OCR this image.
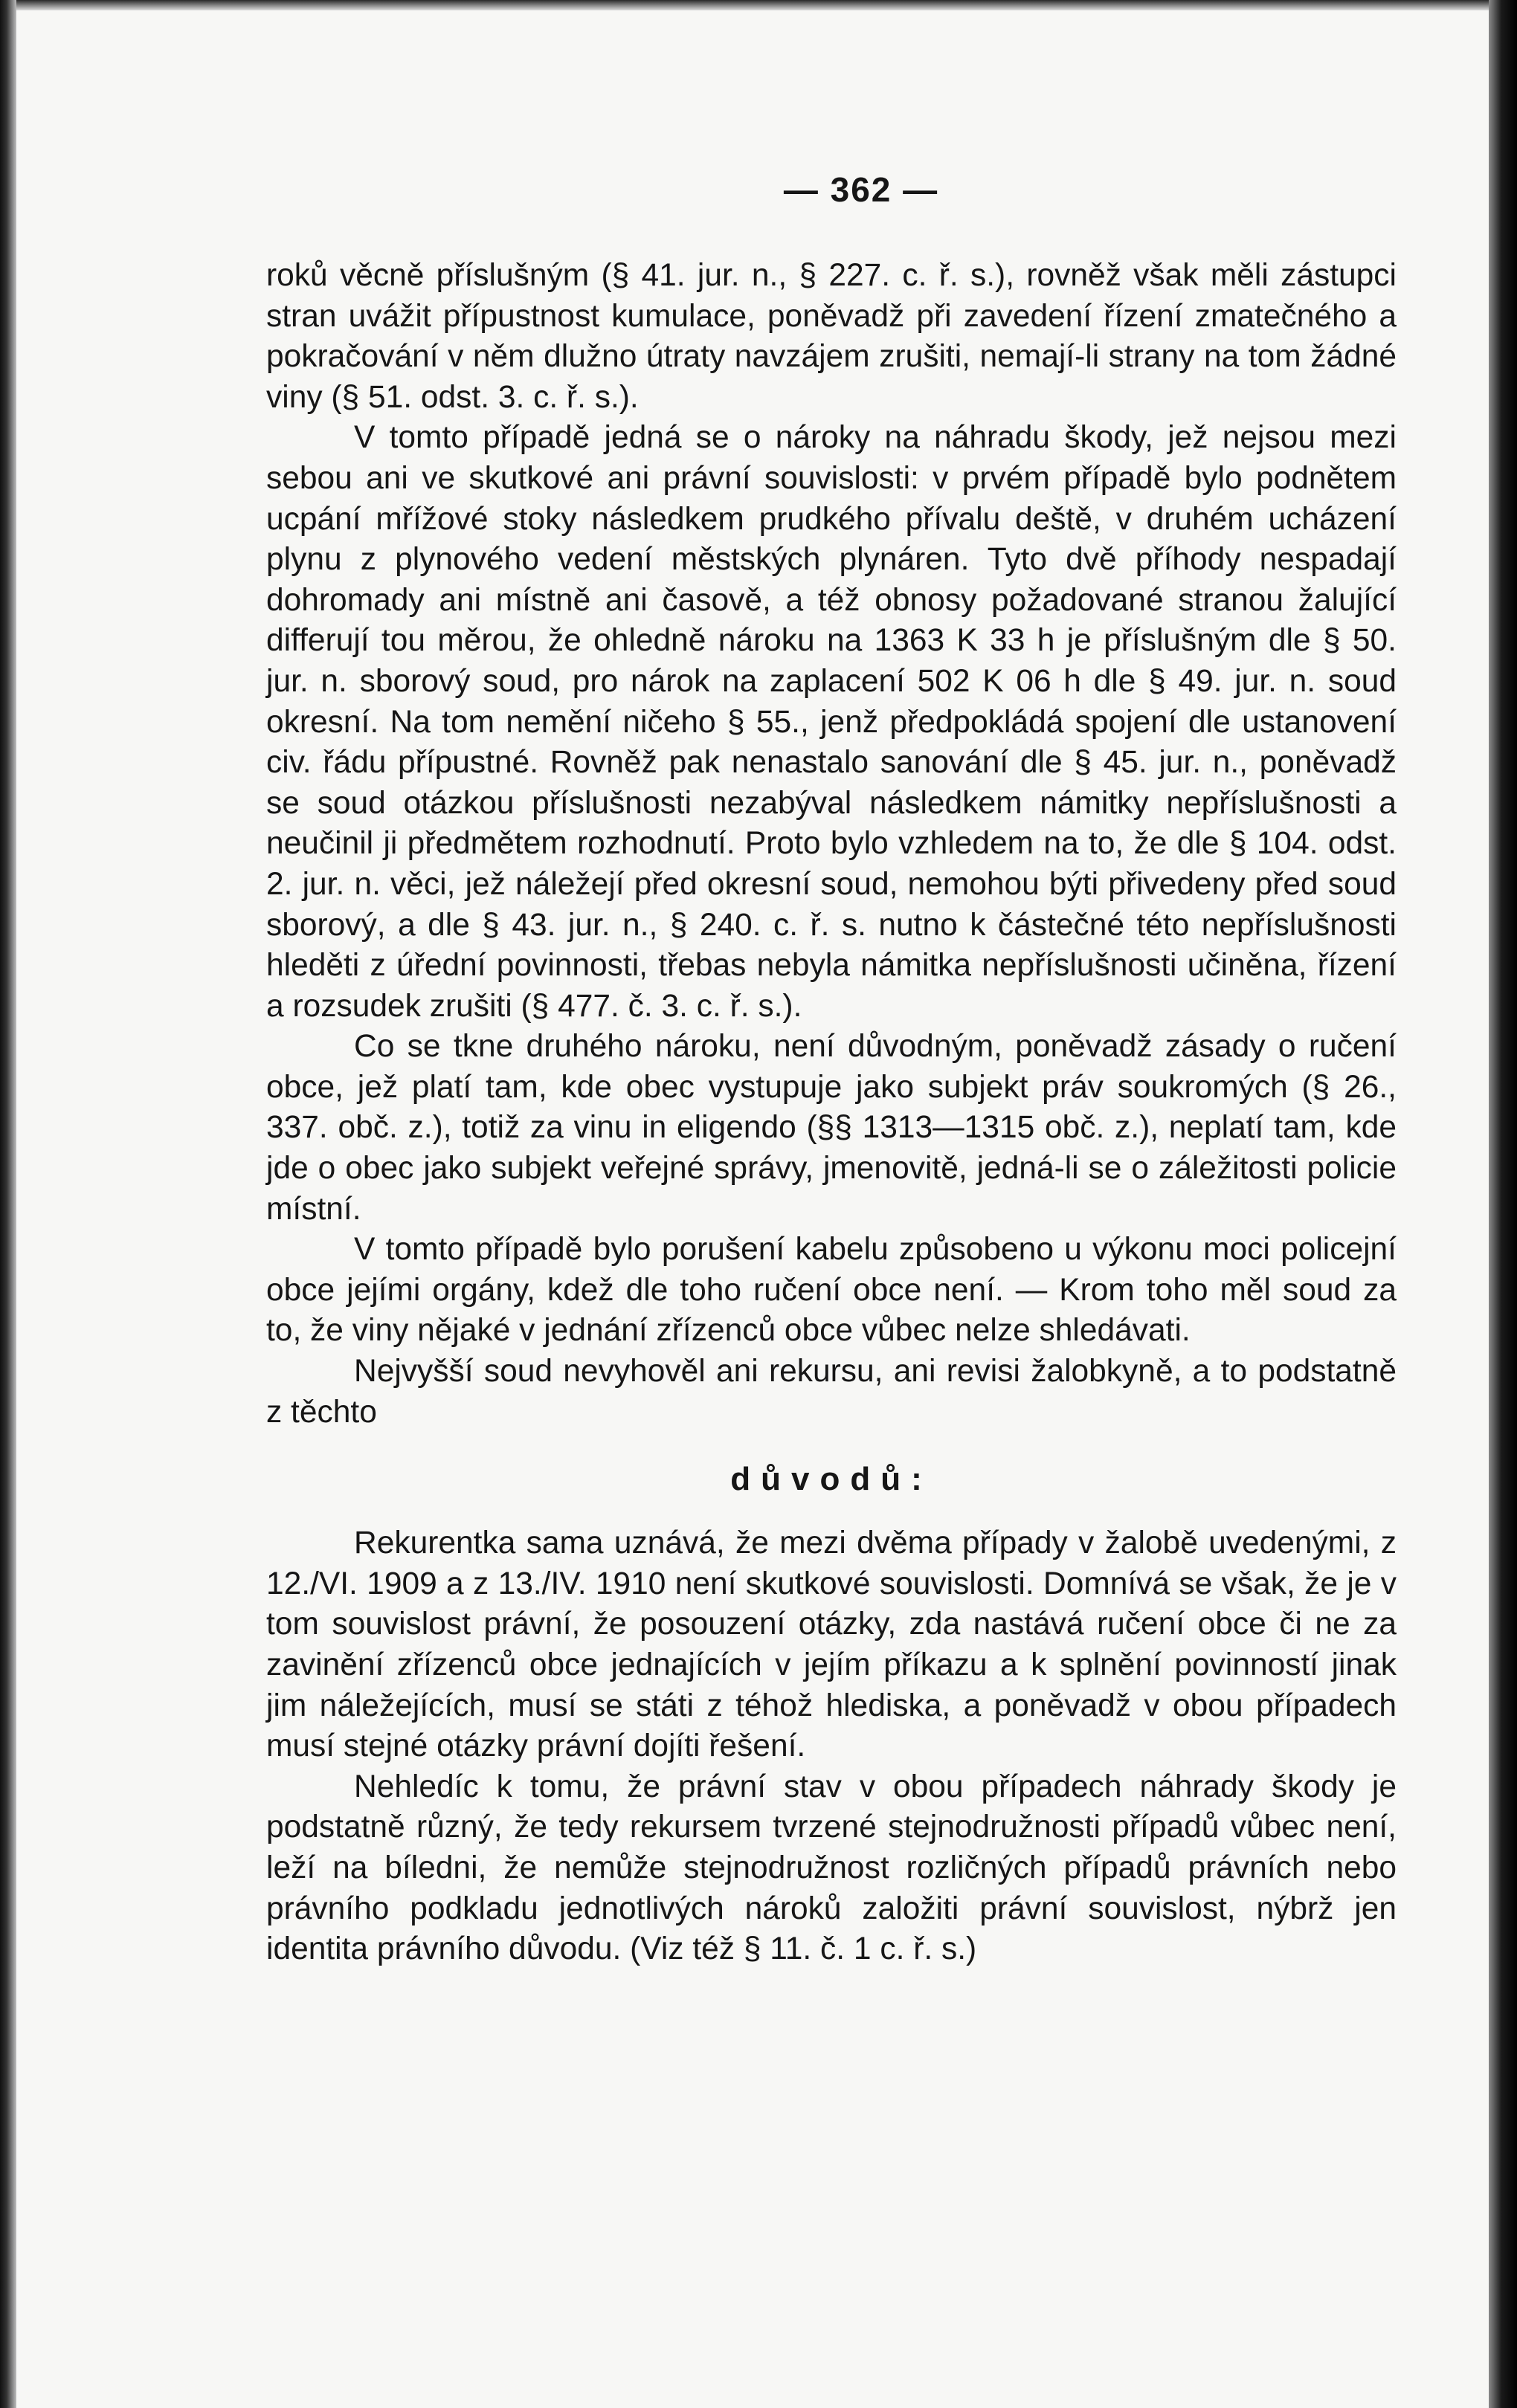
— 362 —

roků věcně příslušným (§ 41. jur. n., § 227. c. ř. s.), rovněž však měli zástupci stran uvážit přípustnost kumulace, poněvadž při zavedení řízení zmatečného a pokračování v něm dlužno útraty navzájem zrušiti, nemají-li strany na tom žádné viny (§ 51. odst. 3. c. ř. s.).

V tomto případě jedná se o nároky na náhradu škody, jež nejsou mezi sebou ani ve skutkové ani právní souvislosti: v prvém případě bylo podnětem ucpání mřížové stoky následkem prudkého přívalu deště, v druhém ucházení plynu z plynového vedení městských plynáren. Tyto dvě příhody nespadají dohromady ani místně ani časově, a též obnosy požadované stranou žalující differují tou měrou, že ohledně nároku na 1363 K 33 h je příslušným dle § 50. jur. n. sborový soud, pro nárok na zaplacení 502 K 06 h dle § 49. jur. n. soud okresní. Na tom nemění ničeho § 55., jenž předpokládá spojení dle ustanovení civ. řádu přípustné. Rovněž pak nenastalo sanování dle § 45. jur. n., poněvadž se soud otázkou příslušnosti nezabýval následkem námitky nepříslušnosti a neučinil ji předmětem rozhodnutí. Proto bylo vzhledem na to, že dle § 104. odst. 2. jur. n. věci, jež náležejí před okresní soud, nemohou býti přivedeny před soud sborový, a dle § 43. jur. n., § 240. c. ř. s. nutno k částečné této nepříslušnosti hleděti z úřední povinnosti, třebas nebyla námitka nepříslušnosti učiněna, řízení a rozsudek zrušiti (§ 477. č. 3. c. ř. s.).

Co se tkne druhého nároku, není důvodným, poněvadž zásady o ručení obce, jež platí tam, kde obec vystupuje jako subjekt práv soukromých (§ 26., 337. obč. z.), totiž za vinu in eligendo (§§ 1313—1315 obč. z.), neplatí tam, kde jde o obec jako subjekt veřejné správy, jmenovitě, jedná-li se o záležitosti policie místní.

V tomto případě bylo porušení kabelu způsobeno u výkonu moci policejní obce jejími orgány, kdež dle toho ručení obce není. — Krom toho měl soud za to, že viny nějaké v jednání zřízenců obce vůbec nelze shledávati.

Nejvyšší soud nevyhověl ani rekursu, ani revisi žalobkyně, a to podstatně z těchto

důvodů:

Rekurentka sama uznává, že mezi dvěma případy v žalobě uvedenými, z 12./VI. 1909 a z 13./IV. 1910 není skutkové souvislosti. Domnívá se však, že je v tom souvislost právní, že posouzení otázky, zda nastává ručení obce či ne za zavinění zřízenců obce jednajících v jejím příkazu a k splnění povinností jinak jim náležejících, musí se státi z téhož hlediska, a poněvadž v obou případech musí stejné otázky právní dojíti řešení.

Nehledíc k tomu, že právní stav v obou případech náhrady škody je podstatně různý, že tedy rekursem tvrzené stejnodružnosti případů vůbec není, leží na bíledni, že nemůže stejnodružnost rozličných případů právních nebo právního podkladu jednotlivých nároků založiti právní souvislost, nýbrž jen identita právního důvodu. (Viz též § 11. č. 1 c. ř. s.)
